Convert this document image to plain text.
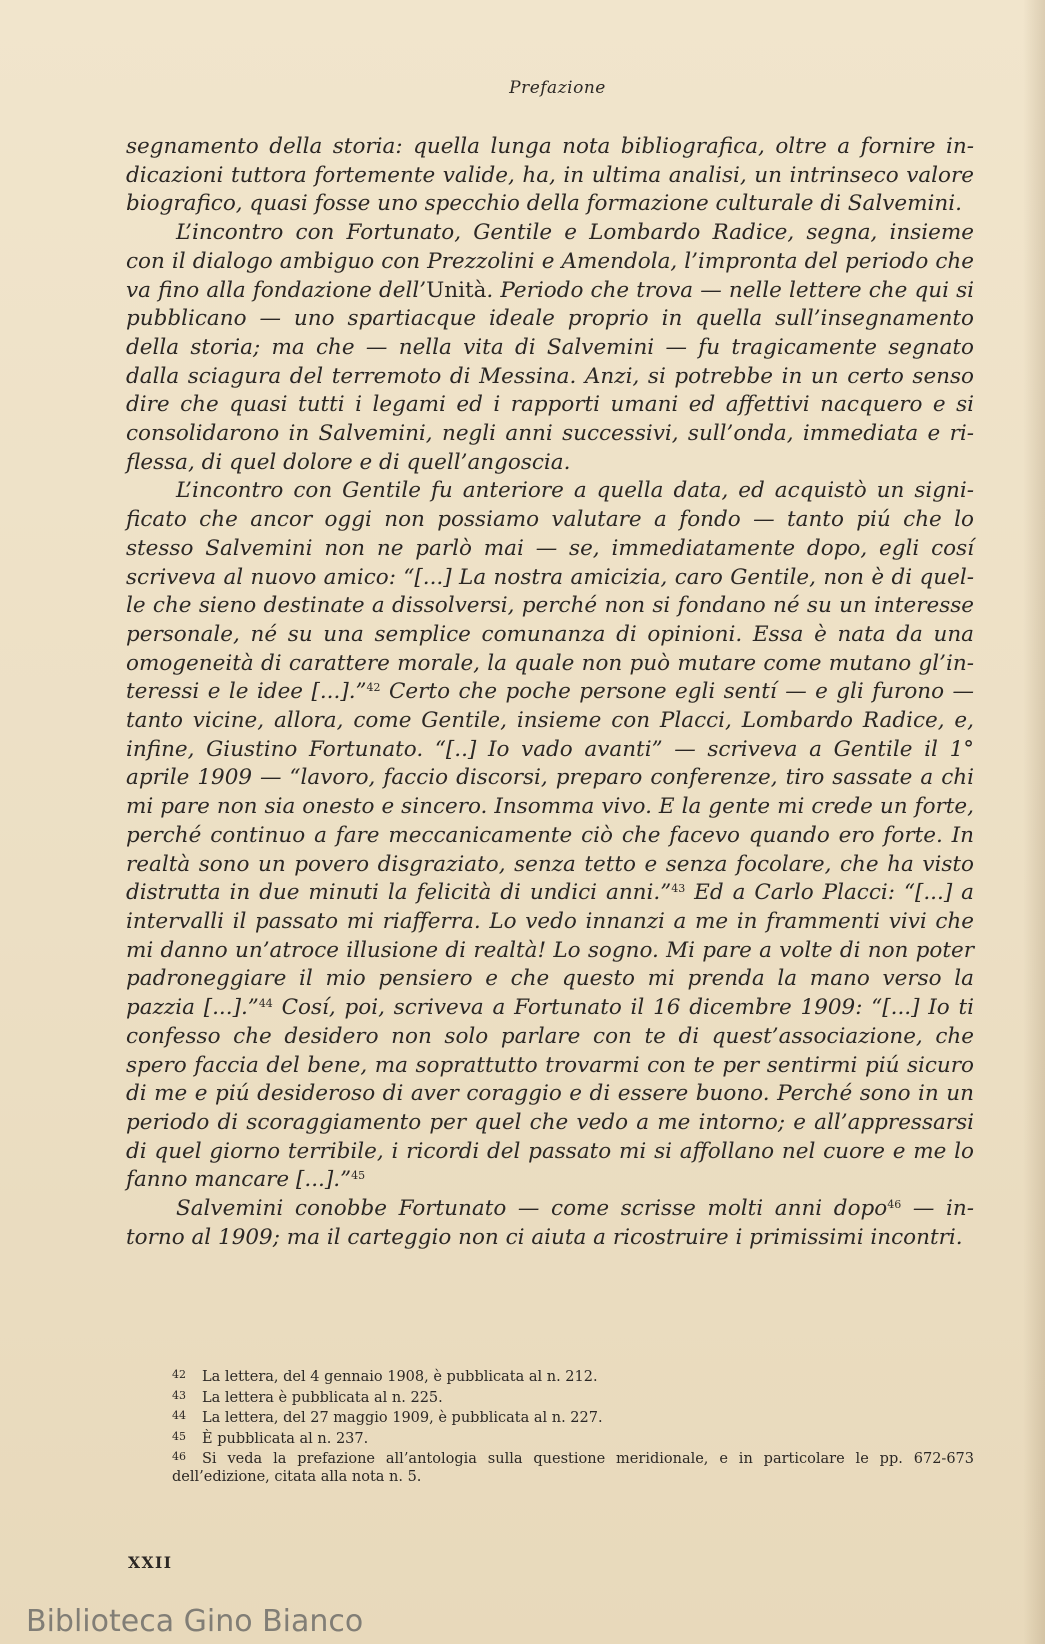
Prefazione

segnamento della storia: quella lunga nota bibliografica, oltre a fornire indicazioni tuttora fortemente valide, ha, in ultima analisi, un intrinseco valore biografico, quasi fosse uno specchio della formazione culturale di Salvemini.

L’incontro con Fortunato, Gentile e Lombardo Radice, segna, insieme con il dialogo ambiguo con Prezzolini e Amendola, l’impronta del periodo che va fino alla fondazione dell’Unità. Periodo che trova — nelle lettere che qui si pubblicano — uno spartiacque ideale proprio in quella sull’insegnamento della storia; ma che — nella vita di Salvemini — fu tragicamente segnato dalla sciagura del terremoto di Messina. Anzi, si potrebbe in un certo senso dire che quasi tutti i legami ed i rapporti umani ed affettivi nacquero e si consolidarono in Salvemini, negli anni successivi, sull’onda, immediata e riflessa, di quel dolore e di quell’angoscia.

L’incontro con Gentile fu anteriore a quella data, ed acquistò un significato che ancor oggi non possiamo valutare a fondo — tanto piú che lo stesso Salvemini non ne parlò mai — se, immediatamente dopo, egli cosí scriveva al nuovo amico: “[...] La nostra amicizia, caro Gentile, non è di quelle che sieno destinate a dissolversi, perché non si fondano né su un interesse personale, né su una semplice comunanza di opinioni. Essa è nata da una omogeneità di carattere morale, la quale non può mutare come mutano gl’interessi e le idee [...].”$^{42}$ Certo che poche persone egli sentí — e gli furono — tanto vicine, allora, come Gentile, insieme con Placci, Lombardo Radice, e, infine, Giustino Fortunato. “[..] Io vado avanti” — scriveva a Gentile il 1° aprile 1909 — “lavoro, faccio discorsi, preparo conferenze, tiro sassate a chi mi pare non sia onesto e sincero. Insomma vivo. E la gente mi crede un forte, perché continuo a fare meccanicamente ciò che facevo quando ero forte. In realtà sono un povero disgraziato, senza tetto e senza focolare, che ha visto distrutta in due minuti la felicità di undici anni.”$^{43}$ Ed a Carlo Placci: “[...] a intervalli il passato mi riafferra. Lo vedo innanzi a me in frammenti vivi che mi danno un’atroce illusione di realtà! Lo sogno. Mi pare a volte di non poter padroneggiare il mio pensiero e che questo mi prenda la mano verso la pazzia [...].”$^{44}$ Cosí, poi, scriveva a Fortunato il 16 dicembre 1909: “[...] Io ti confesso che desidero non solo parlare con te di quest’associazione, che spero faccia del bene, ma soprattutto trovarmi con te per sentirmi piú sicuro di me e piú desideroso di aver coraggio e di essere buono. Perché sono in un periodo di scoraggiamento per quel che vedo a me intorno; e all’appressarsi di quel giorno terribile, i ricordi del passato mi si affollano nel cuore e me lo fanno mancare [...].”$^{45}$

Salvemini conobbe Fortunato — come scrisse molti anni dopo$^{46}$ — intorno al 1909; ma il carteggio non ci aiuta a ricostruire i primissimi incontri.

42 La lettera, del 4 gennaio 1908, è pubblicata al n. 212.
43 La lettera è pubblicata al n. 225.
44 La lettera, del 27 maggio 1909, è pubblicata al n. 227.
45 È pubblicata al n. 237.
46 Si veda la prefazione all’antologia sulla questione meridionale, e in particolare le pp. 672-673 dell’edizione, citata alla nota n. 5.
XXII
Biblioteca Gino Bianco
